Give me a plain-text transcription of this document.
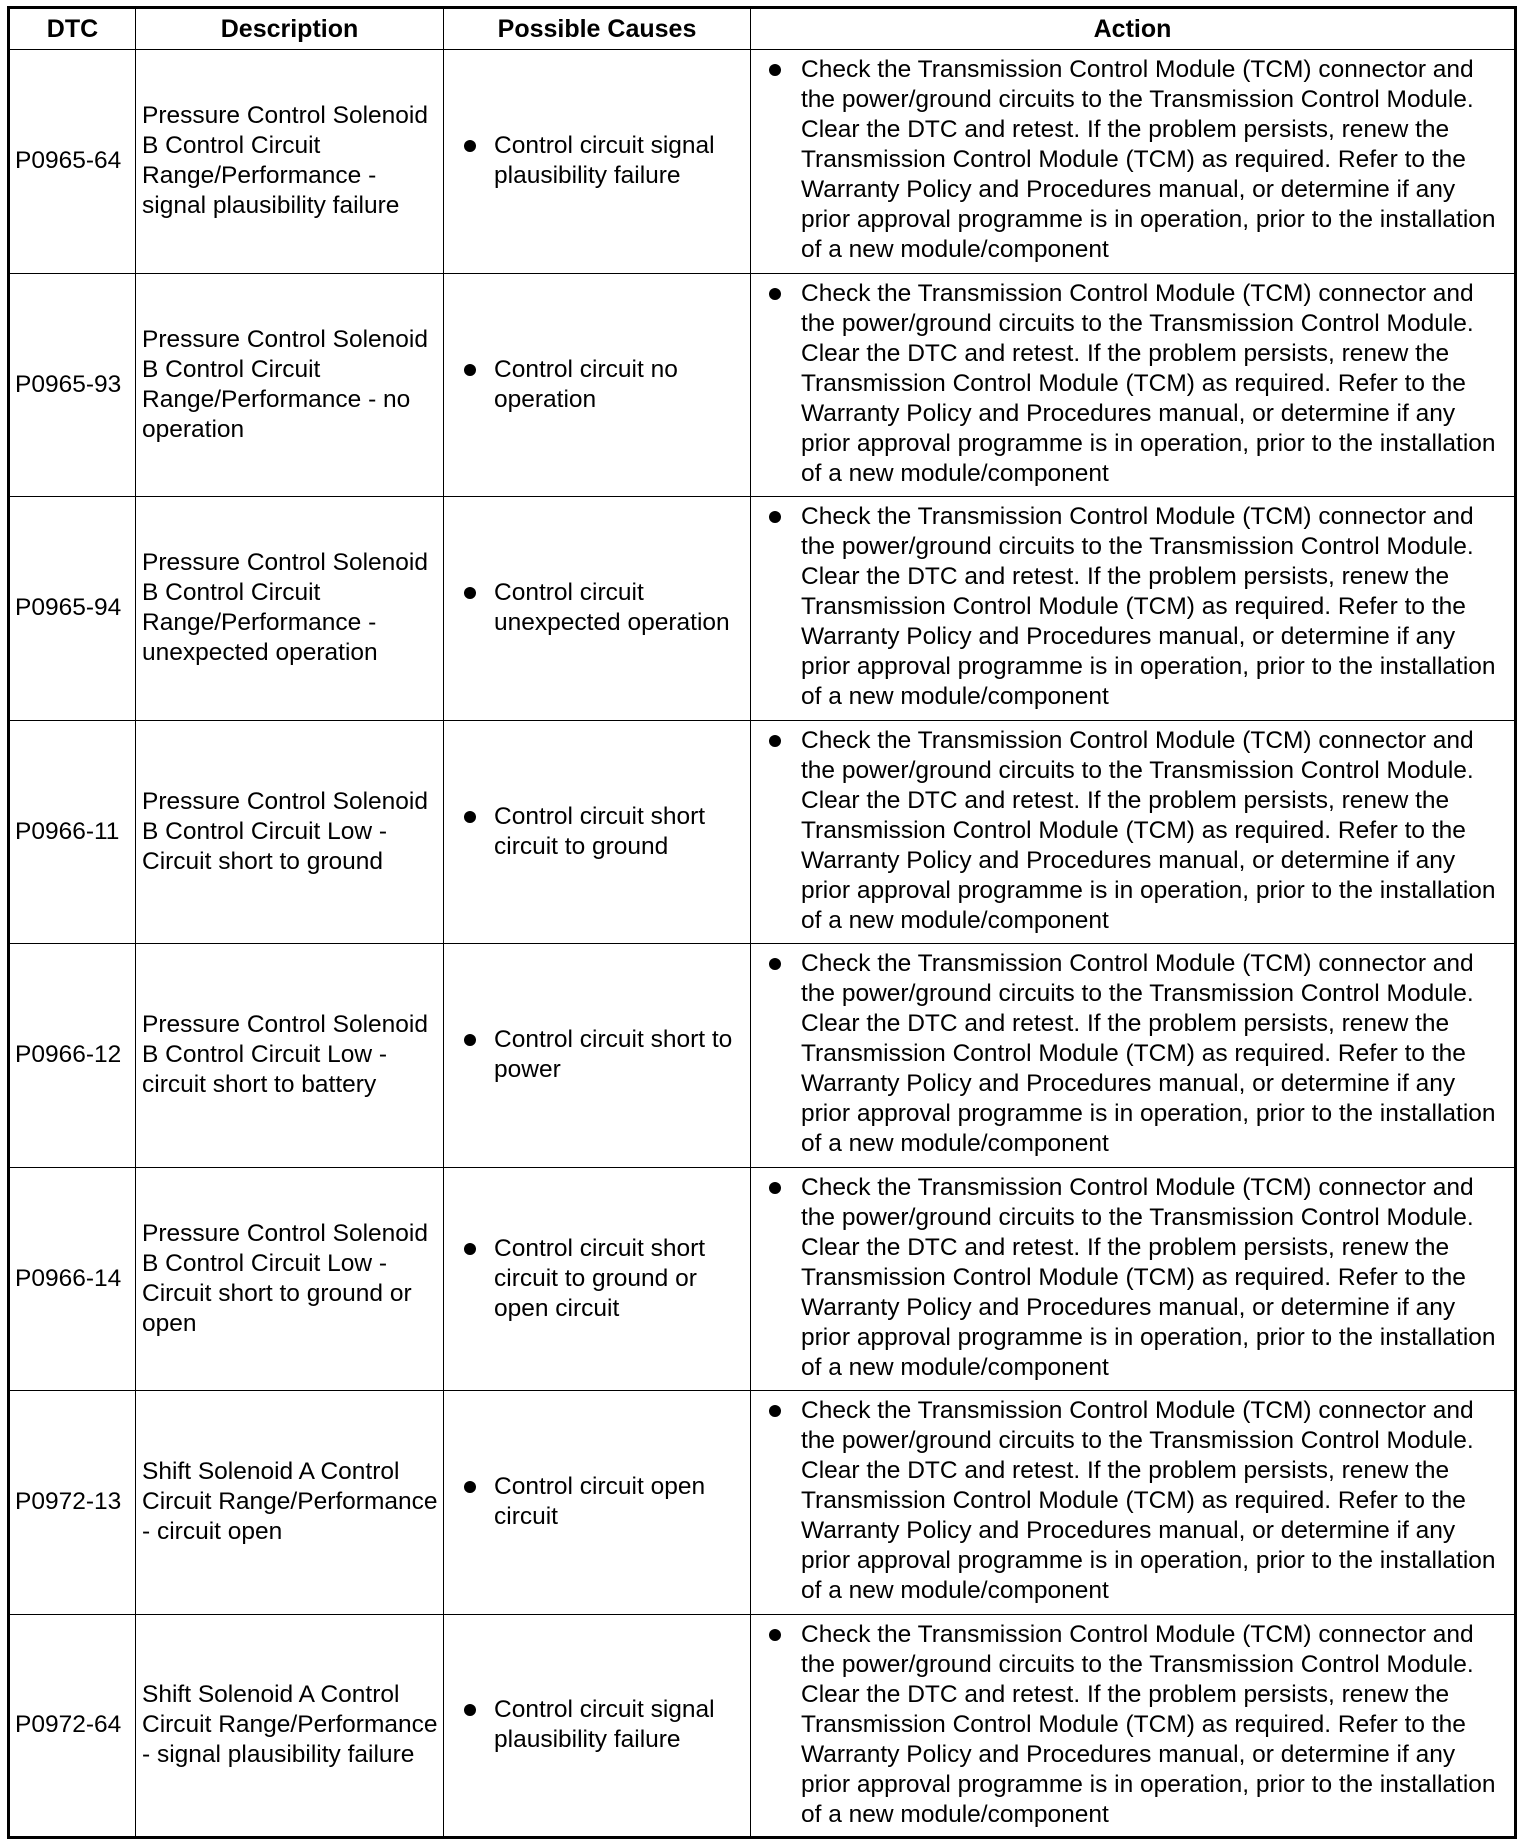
DTC	Description	Possible Causes	Action
P0965-64	Pressure Control Solenoid B Control Circuit Range/Performance - signal plausibility failure	Control circuit signal plausibility failure	Check the Transmission Control Module (TCM) connector and the power/ground circuits to the Transmission Control Module. Clear the DTC and retest. If the problem persists, renew the Transmission Control Module (TCM) as required. Refer to the Warranty Policy and Procedures manual, or determine if any prior approval programme is in operation, prior to the installation of a new module/component

P0965-93	Pressure Control Solenoid B Control Circuit Range/Performance - no operation	Control circuit no operation	Check the Transmission Control Module (TCM) connector and the power/ground circuits to the Transmission Control Module. Clear the DTC and retest. If the problem persists, renew the Transmission Control Module (TCM) as required. Refer to the Warranty Policy and Procedures manual, or determine if any prior approval programme is in operation, prior to the installation of a new module/component

P0965-94	Pressure Control Solenoid B Control Circuit Range/Performance - unexpected operation	Control circuit unexpected operation	Check the Transmission Control Module (TCM) connector and the power/ground circuits to the Transmission Control Module. Clear the DTC and retest. If the problem persists, renew the Transmission Control Module (TCM) as required. Refer to the Warranty Policy and Procedures manual, or determine if any prior approval programme is in operation, prior to the installation of a new module/component

P0966-11	Pressure Control Solenoid B Control Circuit Low - Circuit short to ground	Control circuit short circuit to ground	Check the Transmission Control Module (TCM) connector and the power/ground circuits to the Transmission Control Module. Clear the DTC and retest. If the problem persists, renew the Transmission Control Module (TCM) as required. Refer to the Warranty Policy and Procedures manual, or determine if any prior approval programme is in operation, prior to the installation of a new module/component

P0966-12	Pressure Control Solenoid B Control Circuit Low - circuit short to battery	Control circuit short to power	Check the Transmission Control Module (TCM) connector and the power/ground circuits to the Transmission Control Module. Clear the DTC and retest. If the problem persists, renew the Transmission Control Module (TCM) as required. Refer to the Warranty Policy and Procedures manual, or determine if any prior approval programme is in operation, prior to the installation of a new module/component

P0966-14	Pressure Control Solenoid B Control Circuit Low - Circuit short to ground or open	Control circuit short circuit to ground or open circuit	Check the Transmission Control Module (TCM) connector and the power/ground circuits to the Transmission Control Module. Clear the DTC and retest. If the problem persists, renew the Transmission Control Module (TCM) as required. Refer to the Warranty Policy and Procedures manual, or determine if any prior approval programme is in operation, prior to the installation of a new module/component

P0972-13	Shift Solenoid A Control Circuit Range/Performance - circuit open	Control circuit open circuit	Check the Transmission Control Module (TCM) connector and the power/ground circuits to the Transmission Control Module. Clear the DTC and retest. If the problem persists, renew the Transmission Control Module (TCM) as required. Refer to the Warranty Policy and Procedures manual, or determine if any prior approval programme is in operation, prior to the installation of a new module/component

P0972-64	Shift Solenoid A Control Circuit Range/Performance - signal plausibility failure	Control circuit signal plausibility failure	Check the Transmission Control Module (TCM) connector and the power/ground circuits to the Transmission Control Module. Clear the DTC and retest. If the problem persists, renew the Transmission Control Module (TCM) as required. Refer to the Warranty Policy and Procedures manual, or determine if any prior approval programme is in operation, prior to the installation of a new module/component
